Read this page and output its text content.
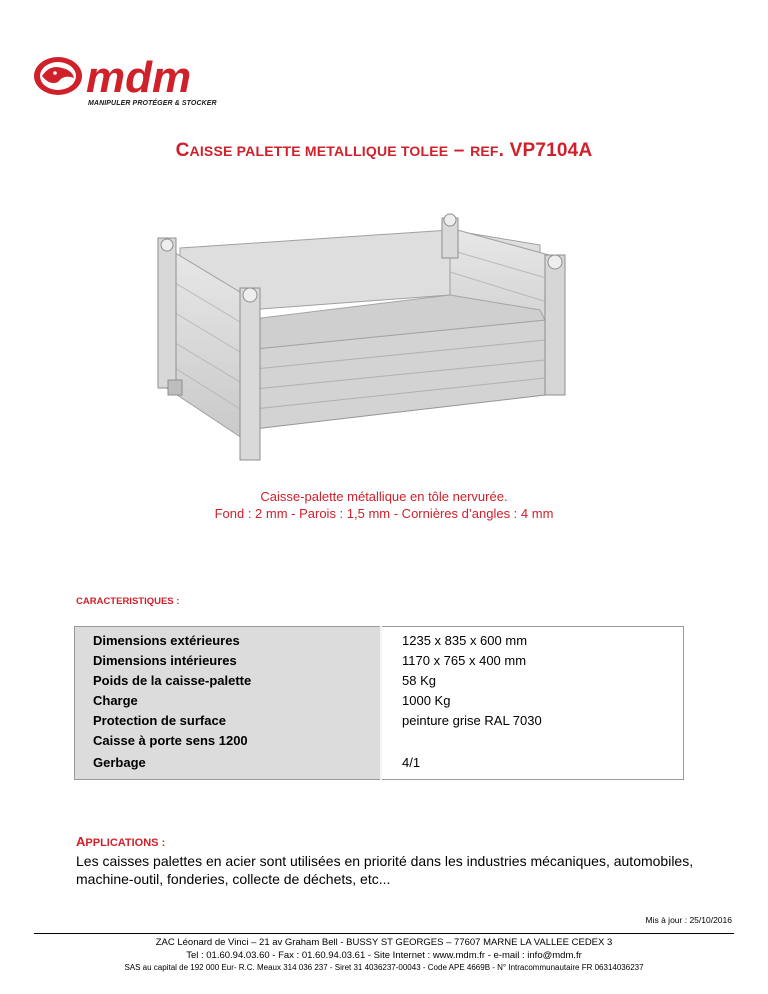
mdm
MANIPULER PROTÉGER & STOCKER
CAISSE PALETTE METALLIQUE TOLEE – REF. VP7104A
Caisse-palette métallique en tôle nervurée.
Fond : 2 mm - Parois : 1,5 mm - Cornières d’angles : 4 mm
CARACTERISTIQUES :
Dimensions extérieures	1235 x 835 x 600 mm
Dimensions intérieures	1170 x 765 x 400 mm
Poids de la caisse-palette	58 Kg
Charge	1000 Kg
Protection de surface	peinture grise RAL 7030
Caisse à porte sens 1200	
Gerbage	4/1
APPLICATIONS :
Les caisses palettes en acier sont utilisées en priorité dans les industries mécaniques, automobiles, machine-outil, fonderies, collecte de déchets, etc...
Mis à jour : 25/10/2016
ZAC Léonard de Vinci – 21 av Graham Bell - BUSSY ST GEORGES – 77607 MARNE LA VALLEE CEDEX 3
Tel : 01.60.94.03.60 - Fax : 01.60.94.03.61 - Site Internet : www.mdm.fr - e-mail : info@mdm.fr
SAS au capital de 192 000 Eur- R.C. Meaux 314 036 237 - Siret 31 4036237-00043 - Code APE 4669B - N° Intracommunautaire FR 06314036237
